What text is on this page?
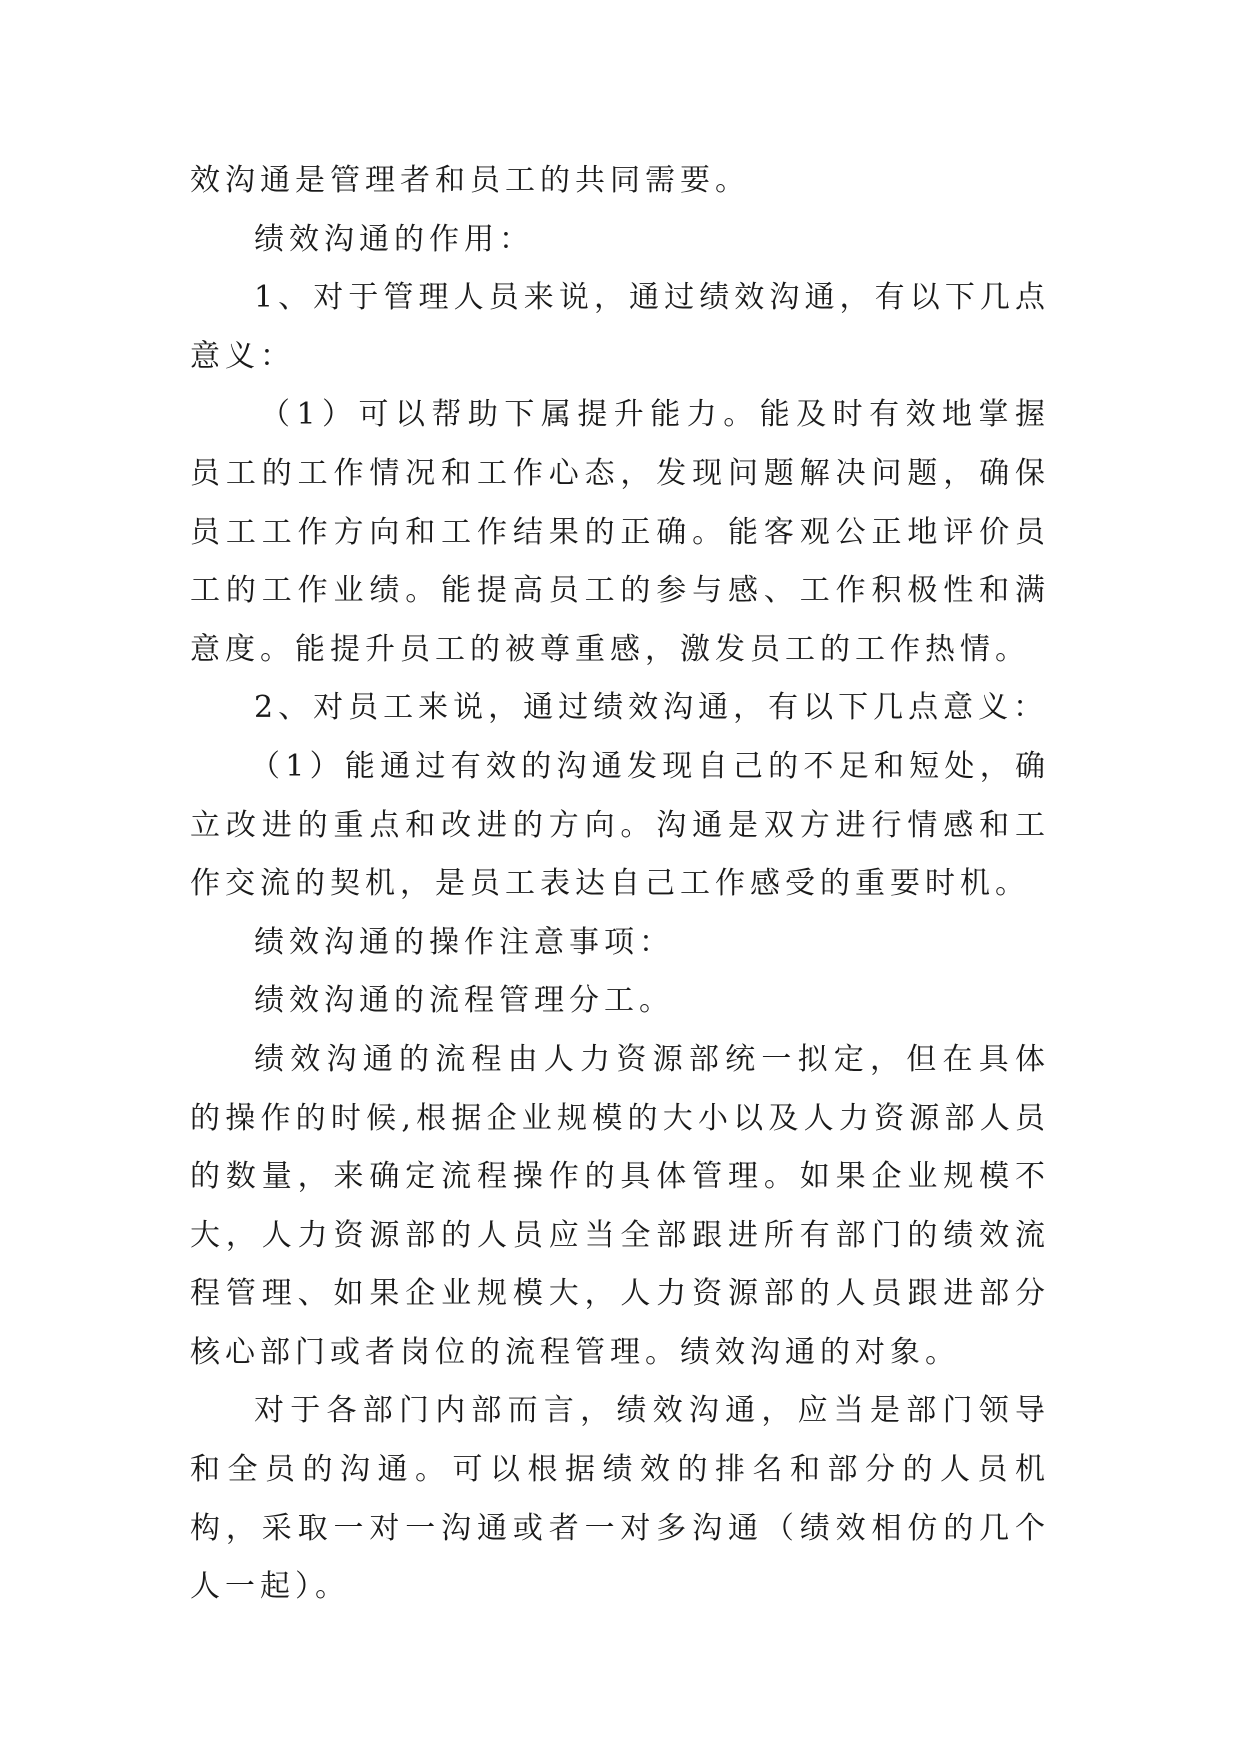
效沟通是管理者和员工的共同需要。

绩效沟通的作用：

1、对于管理人员来说，通过绩效沟通，有以下几点意义：

（1）可以帮助下属提升能力。能及时有效地掌握员工的工作情况和工作心态，发现问题解决问题，确保员工工作方向和工作结果的正确。能客观公正地评价员工的工作业绩。能提高员工的参与感、工作积极性和满意度。能提升员工的被尊重感，激发员工的工作热情。

2、对员工来说，通过绩效沟通，有以下几点意义：

（1）能通过有效的沟通发现自己的不足和短处，确立改进的重点和改进的方向。沟通是双方进行情感和工作交流的契机，是员工表达自己工作感受的重要时机。

绩效沟通的操作注意事项：

绩效沟通的流程管理分工。

绩效沟通的流程由人力资源部统一拟定，但在具体的操作的时候,根据企业规模的大小以及人力资源部人员的数量，来确定流程操作的具体管理。如果企业规模不大，人力资源部的人员应当全部跟进所有部门的绩效流程管理、如果企业规模大，人力资源部的人员跟进部分核心部门或者岗位的流程管理。绩效沟通的对象。

对于各部门内部而言，绩效沟通，应当是部门领导和全员的沟通。可以根据绩效的排名和部分的人员机构，采取一对一沟通或者一对多沟通（绩效相仿的几个人一起）。
